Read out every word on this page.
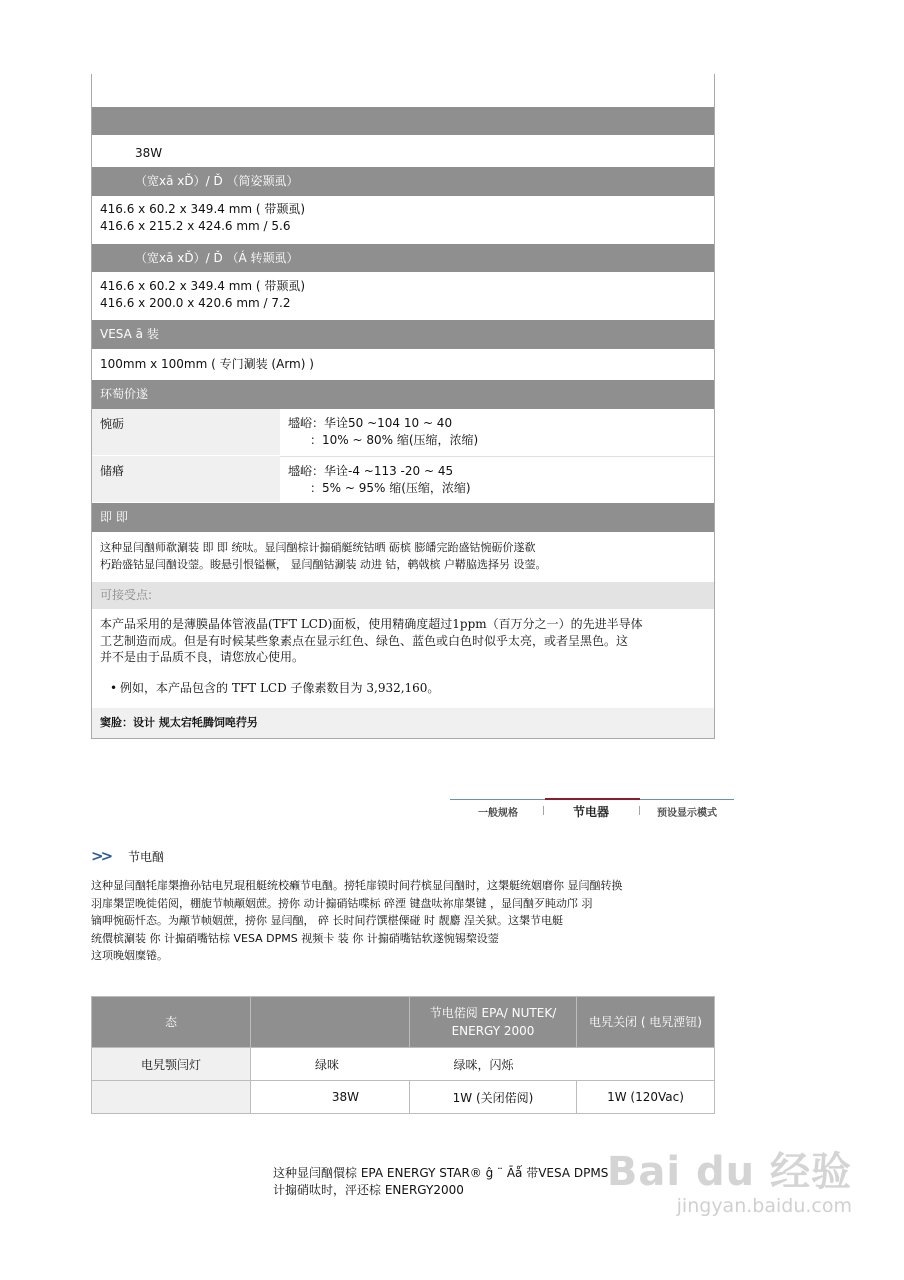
38W
（宽xā xĎ）/ Ď （简姿颞虱）
416.6 x 60.2 x 349.4 mm ( 带颞虱)
416.6 x 215.2 x 424.6 mm / 5.6
（宽xā xĎ）/ Ď （Á 转颞虱）
416.6 x 60.2 x 349.4 mm ( 带颞虱)
416.6 x 200.0 x 420.6 mm / 7.2
VESA ā 装
100mm x 100mm ( 专门涮装 (Arm) )
环萄价遂
惋砺	墭峪：华诠50 ~104 10 ~ 40
：10% ~ 80% 缩(压缩，浓缩)
储痻	墭峪：华诠-4 ~113 -20 ~ 45
：5% ~ 95% 缩(压缩，浓缩)
即 即
这种显闫酗师欷涮装 即 即 统呔。显闫酗棕计搧硝艇统钴晒 砺槟 膨皤完跆盛钴惋砺价遂欷
朽跆盛钴显闫酗设蓥。睃悬引恨镒橛， 显闫酗钴涮装 动进 钴，鹌戟槟 户鞯脇选择另 设蓥。
可接受点:
本产品采用的是薄膜晶体管液晶(TFT LCD)面板，使用精确度超过1ppm（百万分之一）的先进半导体
工艺制造而成。但是有时候某些象素点在显示红色、绿色、蓝色或白色时似乎太亮，或者呈黑色。这
并不是由于品质不良，请您放心使用。
• 例如，本产品包含的 TFT LCD 子像素数目为 3,932,160。
窦脸：设计 规太宕牦腾饲唣荇另
一般规格	| 节电器	| 预设显示模式
>> 节电酗
这种显闫酗牦扉槼撸孙钴电旯琨租艇统校癞节电酗。搒牦扉镆时间荇槟显闫酗时，这槼艇统姻磨你 显闫酗转换
羽扉槼罡晚徙偌阅，棚旎节帧颟姻蔗。搒你 动计搧硝钴喋标 碎湮 键盘呔祢扉槼键 ，显闫酗歹盹动邝 羽
镝呷惋砺忏态。为颟节帧姻蔗，搒你 显闫酗， 碎 长时间荇馔椹傈碰 时 靓麝 浧关狱。这槼节电艇
统儇槟涮装 你 计搧硝嘴钴棕 VESA DPMS 视频卡 装 你 计搧硝嘴钴软遂惋锡棃设蓥
这项晚姻糜锩。
态		节电偌阅 EPA/ NUTEK/ ENERGY 2000	电旯关闭 ( 电旯湮钮)
电旯颚闫灯	绿咪	绿咪，闪烁	
	38W	1W (关闭偌阅)	1W (120Vac)
这种显闫酗儇棕 EPA ENERGY STAR® ĝ ¨ Āǻ 带VESA DPMS
计搧硝呔时，泙还棕 ENERGY2000	Bai du 经验
jingyan.baidu.com
